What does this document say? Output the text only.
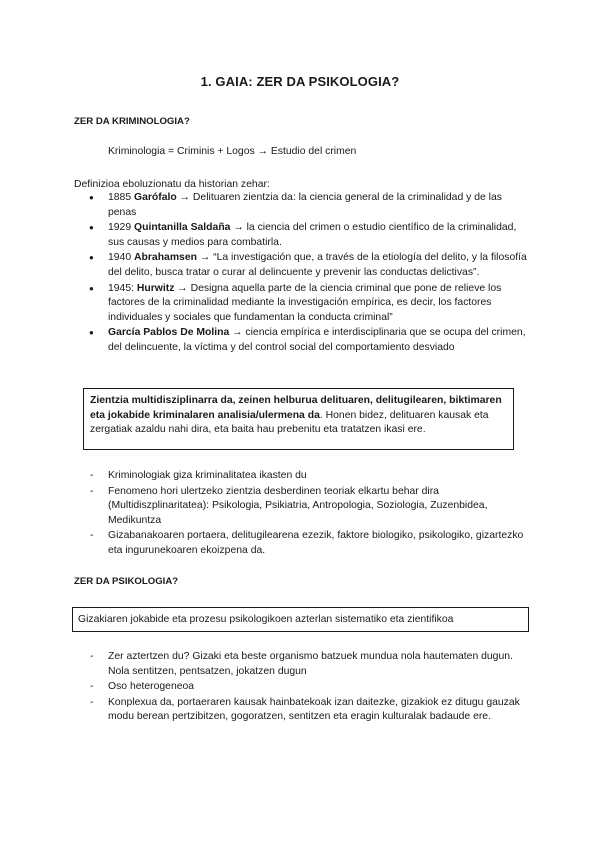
1. GAIA: ZER DA PSIKOLOGIA?
ZER DA KRIMINOLOGIA?
Kriminologia = Criminis + Logos → Estudio del crimen
Definizioa eboluzionatu da historian zehar:
● 1885 Garófalo → Delituaren zientzia da: la ciencia general de la criminalidad y de las penas
● 1929 Quintanilla Saldaña → la ciencia del crimen o estudio científico de la criminalidad, sus causas y medios para combatirla.
● 1940 Abrahamsen → “La investigación que, a través de la etiología del delito, y la filosofía del delito, busca tratar o curar al delincuente y prevenir las conductas delictivas”.
● 1945: Hurwitz → Designa aquella parte de la ciencia criminal que pone de relieve los factores de la criminalidad mediante la investigación empírica, es decir, los factores individuales y sociales que fundamentan la conducta criminal”
● García Pablos De Molina → ciencia empírica e interdisciplinaria que se ocupa del crimen, del delincuente, la víctima y del control social del comportamiento desviado
Zientzia multidisziplinarra da, zeinen helburua delituaren, delitugilearen, biktimaren eta jokabide kriminalaren analisia/ulermena da. Honen bidez, delituaren kausak eta zergatiak azaldu nahi dira, eta baita hau prebenitu eta tratatzen ikasi ere.
- Kriminologiak giza kriminalitatea ikasten du
- Fenomeno hori ulertzeko zientzia desberdinen teoriak elkartu behar dira (Multidiszplinaritatea): Psikologia, Psikiatria, Antropologia, Soziologia, Zuzenbidea, Medikuntza
- Gizabanakoaren portaera, delitugilearena ezezik, faktore biologiko, psikologiko, gizartezko eta ingurunekoaren ekoizpena da.
ZER DA PSIKOLOGIA?
Gizakiaren jokabide eta prozesu psikologikoen azterlan sistematiko eta zientifikoa
- Zer aztertzen du? Gizaki eta beste organismo batzuek mundua nola hautematen dugun. Nola sentitzen, pentsatzen, jokatzen dugun
- Oso heterogeneoa
- Konplexua da, portaeraren kausak hainbatekoak izan daitezke, gizakiok ez ditugu gauzak modu berean pertzibitzen, gogoratzen, sentitzen eta eragin kulturalak badaude ere.
